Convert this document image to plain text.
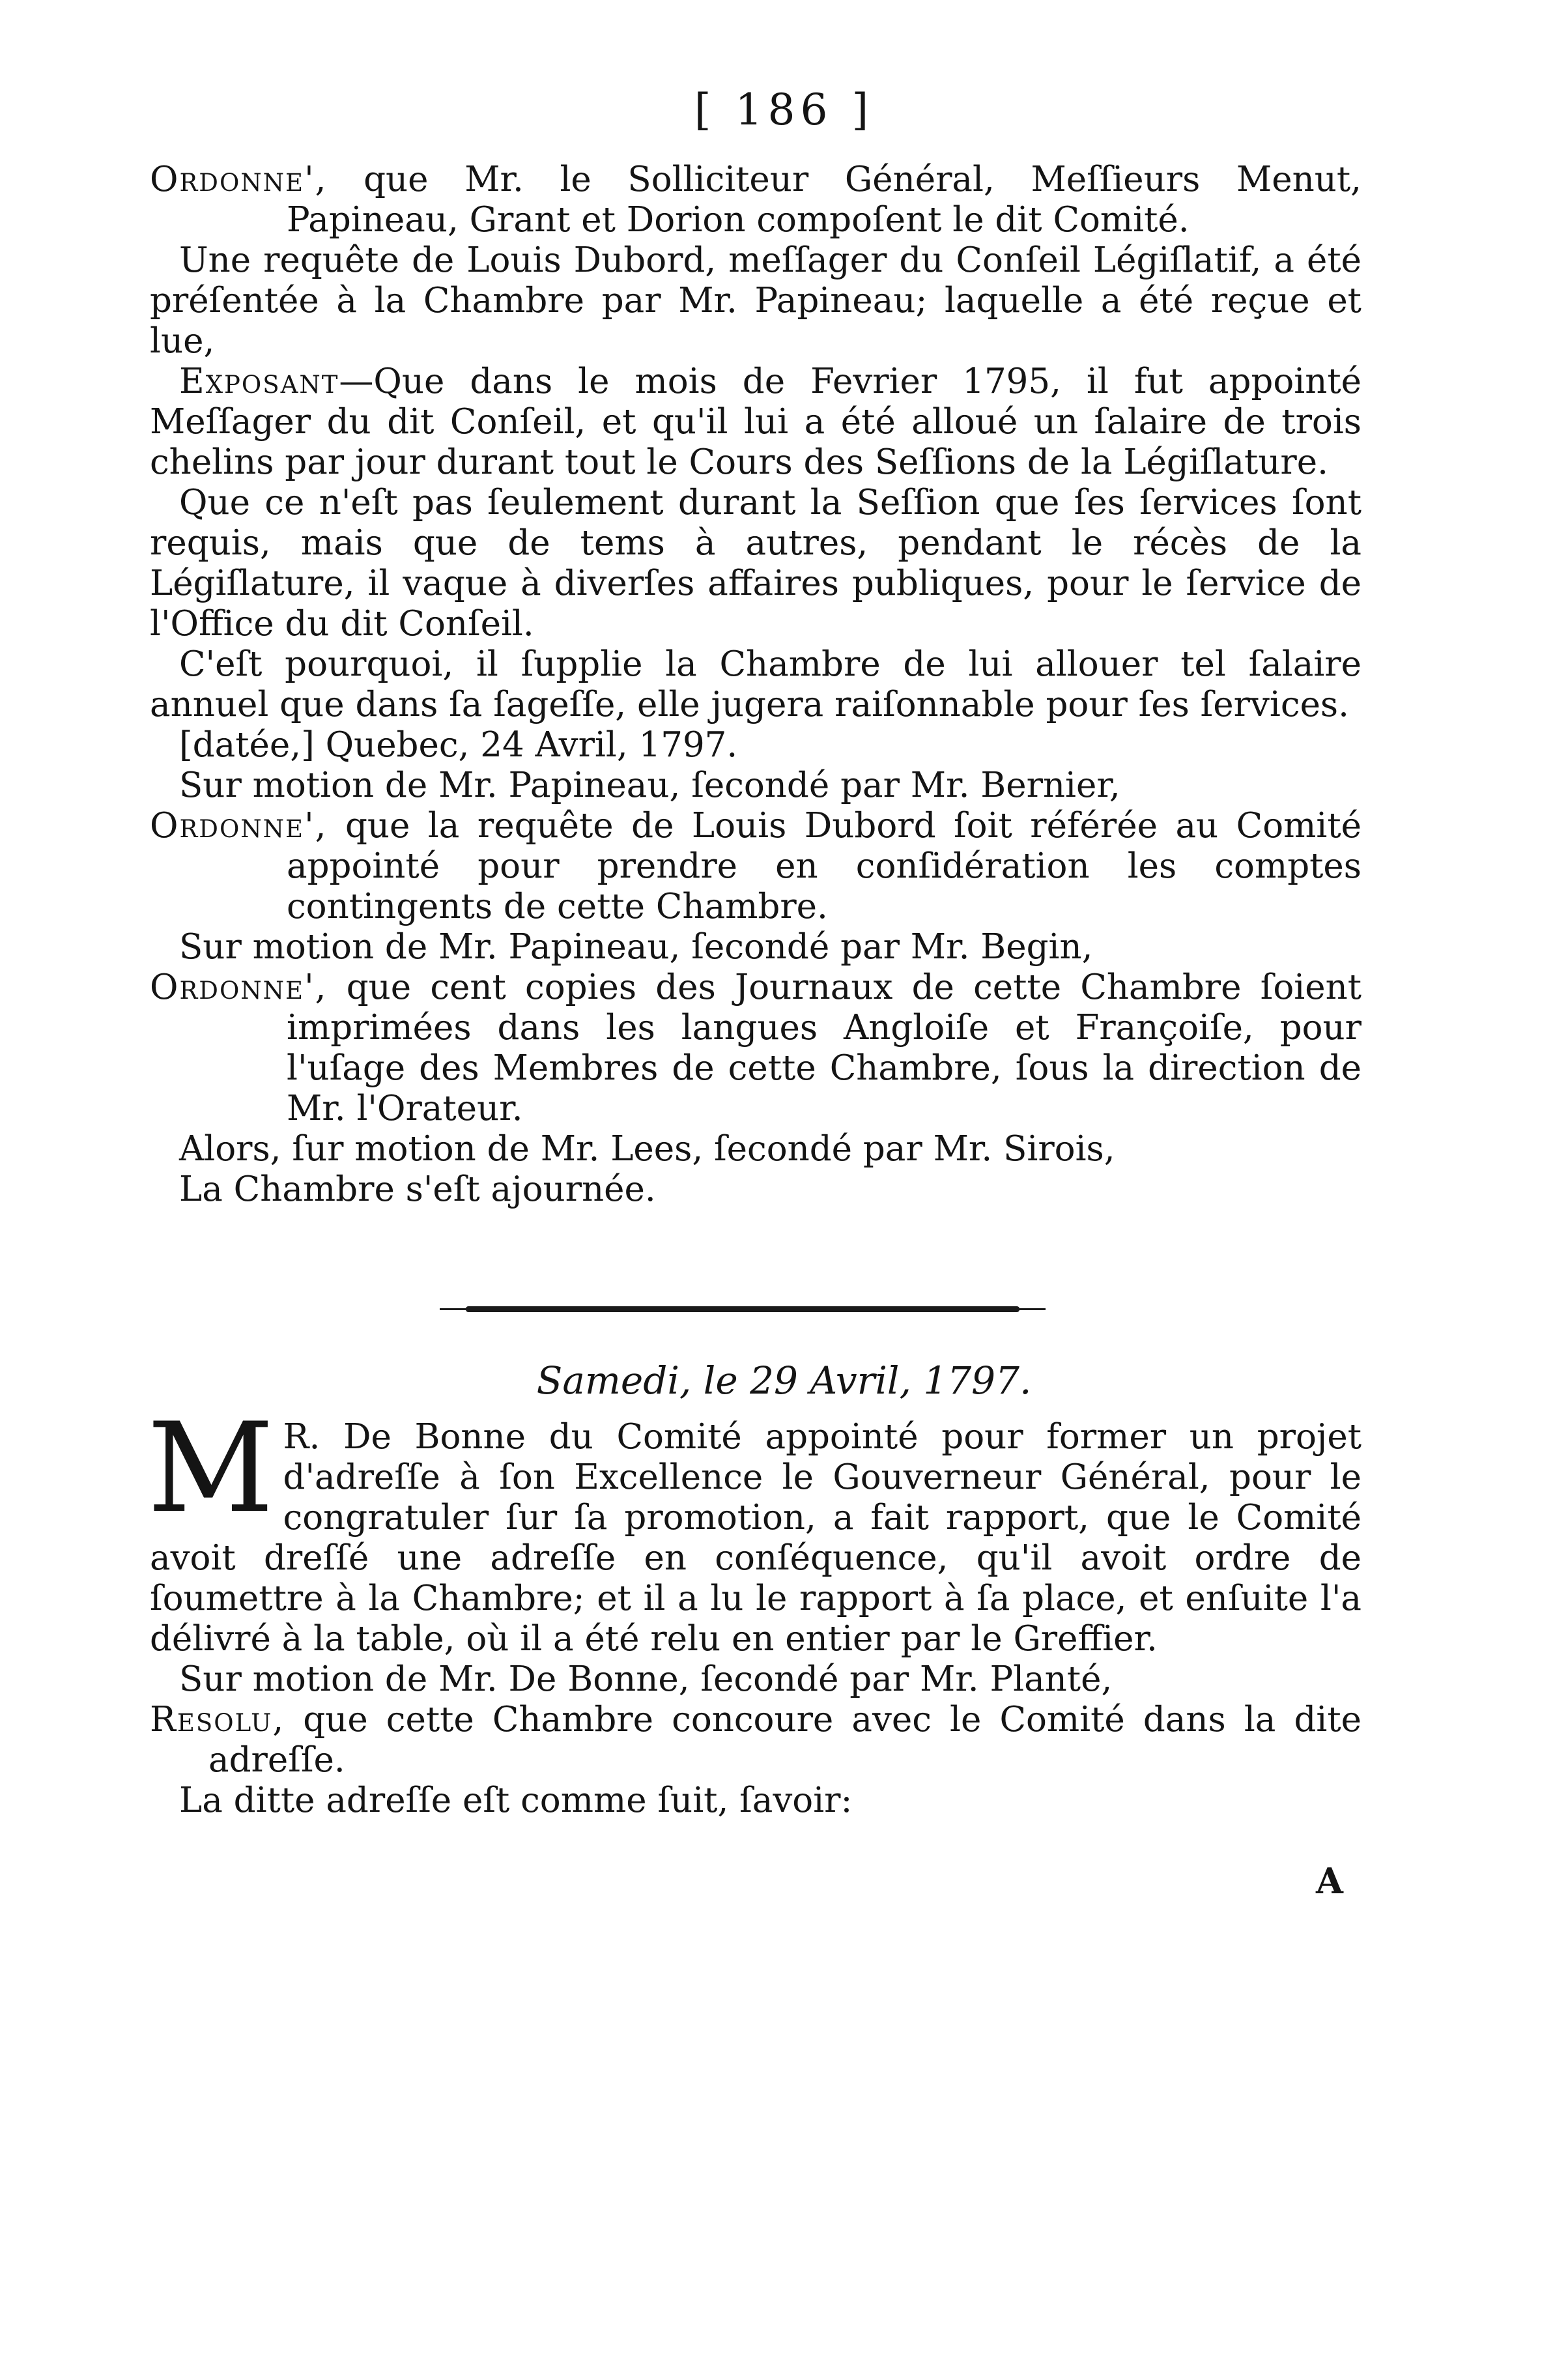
[ 186 ]

Ordonne', que Mr. le Solliciteur Général, Meſſieurs Menut, Papineau, Grant et Dorion compoſent le dit Comité.

Une requête de Louis Dubord, meſſager du Conſeil Légiſlatif, a été préſentée à la Chambre par Mr. Papineau; laquelle a été reçue et lue,

Exposant—Que dans le mois de Fevrier 1795, il fut appointé Meſſager du dit Conſeil, et qu'il lui a été alloué un ſalaire de trois chelins par jour durant tout le Cours des Seſſions de la Légiſlature.

Que ce n'eſt pas ſeulement durant la Seſſion que ſes ſervices ſont requis, mais que de tems à autres, pendant le récès de la Légiſlature, il vaque à diverſes affaires publiques, pour le ſervice de l'Office du dit Conſeil.

C'eſt pourquoi, il ſupplie la Chambre de lui allouer tel ſalaire annuel que dans ſa ſageſſe, elle jugera raiſonnable pour ſes ſervices.

[datée,] Quebec, 24 Avril, 1797.

Sur motion de Mr. Papineau, ſecondé par Mr. Bernier,

Ordonne', que la requête de Louis Dubord ſoit référée au Comité appointé pour prendre en conſidération les comptes contingents de cette Chambre.

Sur motion de Mr. Papineau, ſecondé par Mr. Begin,

Ordonne', que cent copies des Journaux de cette Chambre ſoient imprimées dans les langues Angloiſe et Françoiſe, pour l'uſage des Membres de cette Chambre, ſous la direction de Mr. l'Orateur.

Alors, ſur motion de Mr. Lees, ſecondé par Mr. Sirois,

La Chambre s'eſt ajournée.

Samedi, le 29 Avril, 1797.

M R. De Bonne du Comité appointé pour former un projet d'adreſſe à ſon Excellence le Gouverneur Général, pour le congratuler ſur ſa promotion, a fait rapport, que le Comité avoit dreſſé une adreſſe en conſéquence, qu'il avoit ordre de ſoumettre à la Chambre; et il a lu le rapport à ſa place, et enſuite l'a délivré à la table, où il a été relu en entier par le Greffier.

Sur motion de Mr. De Bonne, ſecondé par Mr. Planté,

Resolu, que cette Chambre concoure avec le Comité dans la dite adreſſe.

La ditte adreſſe eſt comme ſuit, ſavoir:

A
